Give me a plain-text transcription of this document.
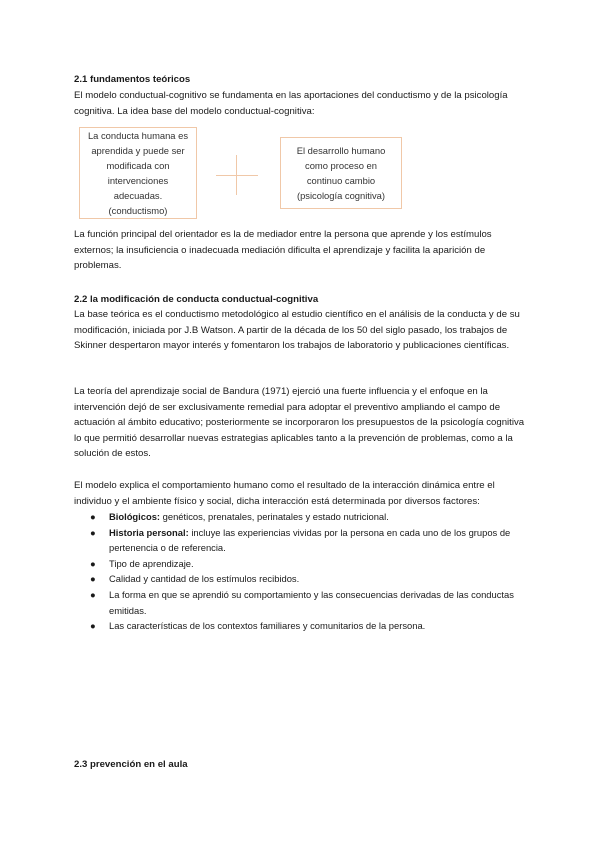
2.1 fundamentos teóricos

El modelo conductual-cognitivo se fundamenta en las aportaciones del conductismo y de la psicología cognitiva. La idea base del modelo conductual-cognitiva:

La conducta humana es
aprendida y puede ser
modificada con
intervenciones
adecuadas.
(conductismo)
El desarrollo humano
como proceso en
continuo cambio
(psicología cognitiva)

La función principal del orientador es la de mediador entre la persona que aprende y los estímulos externos; la insuficiencia o inadecuada mediación dificulta el aprendizaje y facilita la aparición de problemas.

2.2 la modificación de conducta conductual-cognitiva

La base teórica es el conductismo metodológico al estudio científico en el análisis de la conducta y de su modificación, iniciada por J.B Watson. A partir de la década de los 50 del siglo pasado, los trabajos de Skinner despertaron mayor interés y fomentaron los trabajos de laboratorio y publicaciones científicas.

La teoría del aprendizaje social de Bandura (1971) ejerció una fuerte influencia y el enfoque en la intervención dejó de ser exclusivamente remedial para adoptar el preventivo ampliando el campo de actuación al ámbito educativo; posteriormente se incorporaron los presupuestos de la psicología cognitiva lo que permitió desarrollar nuevas estrategias aplicables tanto a la prevención de problemas, como a la solución de estos.

El modelo explica el comportamiento humano como el resultado de la interacción dinámica entre el individuo y el ambiente físico y social, dicha interacción está determinada por diversos factores:

● Biológicos: genéticos, prenatales, perinatales y estado nutricional.
● Historia personal: incluye las experiencias vividas por la persona en cada uno de los grupos de pertenencia o de referencia.
● Tipo de aprendizaje.
● Calidad y cantidad de los estímulos recibidos.
● La forma en que se aprendió su comportamiento y las consecuencias derivadas de las conductas emitidas.
● Las características de los contextos familiares y comunitarios de la persona.

2.3 prevención en el aula
